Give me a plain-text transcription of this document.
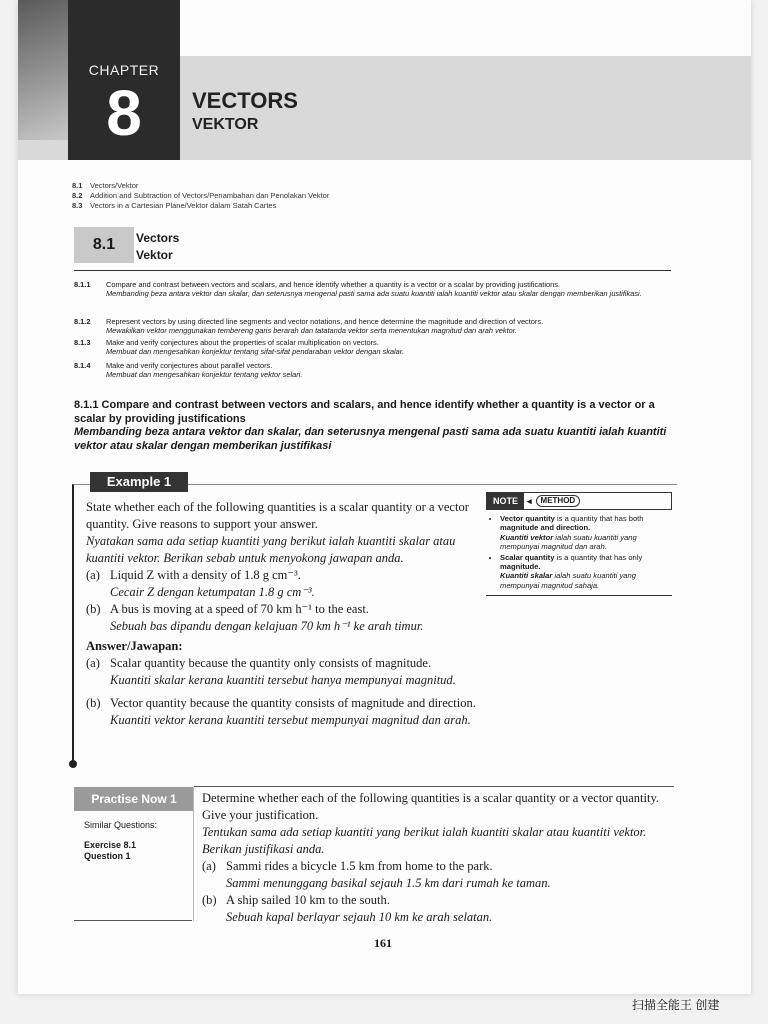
CHAPTER
8	VECTORS
VEKTOR
8.1 Vectors/Vektor
8.2 Addition and Subtraction of Vectors/Penambahan dan Penolakan Vektor
8.3 Vectors in a Cartesian Plane/Vektor dalam Satah Cartes
8.1	Vectors
Vektor
8.1.1 Compare and contrast between vectors and scalars, and hence identify whether a quantity is a vector or a scalar by providing justifications.
Membanding beza antara vektor dan skalar, dan seterusnya mengenal pasti sama ada suatu kuantiti ialah kuantiti vektor atau skalar dengan memberikan justifikasi.
8.1.2 Represent vectors by using directed line segments and vector notations, and hence determine the magnitude and direction of vectors.
Mewakilkan vektor menggunakan tembereng garis berarah dan tatatanda vektor serta menentukan magnitud dan arah vektor.
8.1.3 Make and verify conjectures about the properties of scalar multiplication on vectors.
Membuat dan mengesahkan konjektur tentang sifat-sifat pendaraban vektor dengan skalar.
8.1.4 Make and verify conjectures about parallel vectors.
Membuat dan mengesahkan konjektur tentang vektor selari.
8.1.1 Compare and contrast between vectors and scalars, and hence identify whether a quantity is a vector or a scalar by providing justifications
Membanding beza antara vektor dan skalar, dan seterusnya mengenal pasti sama ada suatu kuantiti ialah kuantiti vektor atau skalar dengan memberikan justifikasi
Example 1
State whether each of the following quantities is a scalar quantity or a vector quantity. Give reasons to support your answer.
Nyatakan sama ada setiap kuantiti yang berikut ialah kuantiti skalar atau kuantiti vektor. Berikan sebab untuk menyokong jawapan anda.
(a) Liquid Z with a density of 1.8 g cm⁻³.
Cecair Z dengan ketumpatan 1.8 g cm⁻³.
(b) A bus is moving at a speed of 70 km h⁻¹ to the east.
Sebuah bas dipandu dengan kelajuan 70 km h⁻¹ ke arah timur.
Answer/Jawapan:
(a) Scalar quantity because the quantity only consists of magnitude.
Kuantiti skalar kerana kuantiti tersebut hanya mempunyai magnitud.
(b) Vector quantity because the quantity consists of magnitude and direction.
Kuantiti vektor kerana kuantiti tersebut mempunyai magnitud dan arah.
NOTE	◂	METHOD
• Vector quantity is a quantity that has both magnitude and direction.
Kuantiti vektor ialah suatu kuantiti yang mempunyai magnitud dan arah.
• Scalar quantity is a quantity that has only magnitude.
Kuantiti skalar ialah suatu kuantiti yang mempunyai magnitud sahaja.
Practise Now 1
Similar Questions:
Exercise 8.1
Question 1
Determine whether each of the following quantities is a scalar quantity or a vector quantity. Give your justification.
Tentukan sama ada setiap kuantiti yang berikut ialah kuantiti skalar atau kuantiti vektor. Berikan justifikasi anda.
(a) Sammi rides a bicycle 1.5 km from home to the park.
Sammi menunggang basikal sejauh 1.5 km dari rumah ke taman.
(b) A ship sailed 10 km to the south.
Sebuah kapal berlayar sejauh 10 km ke arah selatan.
161
扫描全能王 创建
